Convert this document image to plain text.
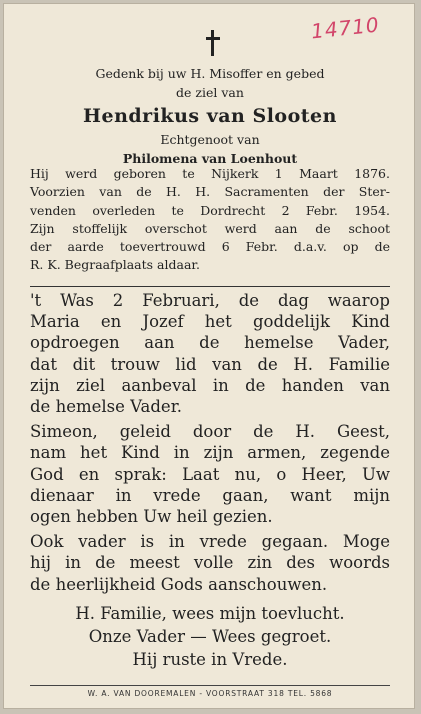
14710
Gedenk bij uw H. Misoffer en gebed
de ziel van
Hendrikus van Slooten
Echtgenoot van
Philomena van Loenhout
Hij werd geboren te Nijkerk 1 Maart 1876.
Voorzien van de H. H. Sacramenten der Ster-
venden overleden te Dordrecht 2 Febr. 1954.
Zijn stoffelijk overschot werd aan de schoot
der aarde toevertrouwd 6 Febr. d.a.v. op de
R. K. Begraafplaats aldaar.
't Was 2 Februari, de dag waarop
Maria en Jozef het goddelijk Kind
opdroegen aan de hemelse Vader,
dat dit trouw lid van de H. Familie
zijn ziel aanbeval in de handen van
de hemelse Vader.
Simeon, geleid door de H. Geest,
nam het Kind in zijn armen, zegende
God en sprak: Laat nu, o Heer, Uw
dienaar in vrede gaan, want mijn
ogen hebben Uw heil gezien.
Ook vader is in vrede gegaan. Moge
hij in de meest volle zin des woords
de heerlijkheid Gods aanschouwen.
H. Familie, wees mijn toevlucht.
Onze Vader — Wees gegroet.
Hij ruste in Vrede.
W. A. VAN DOOREMALEN - VOORSTRAAT 318 TEL. 5868
